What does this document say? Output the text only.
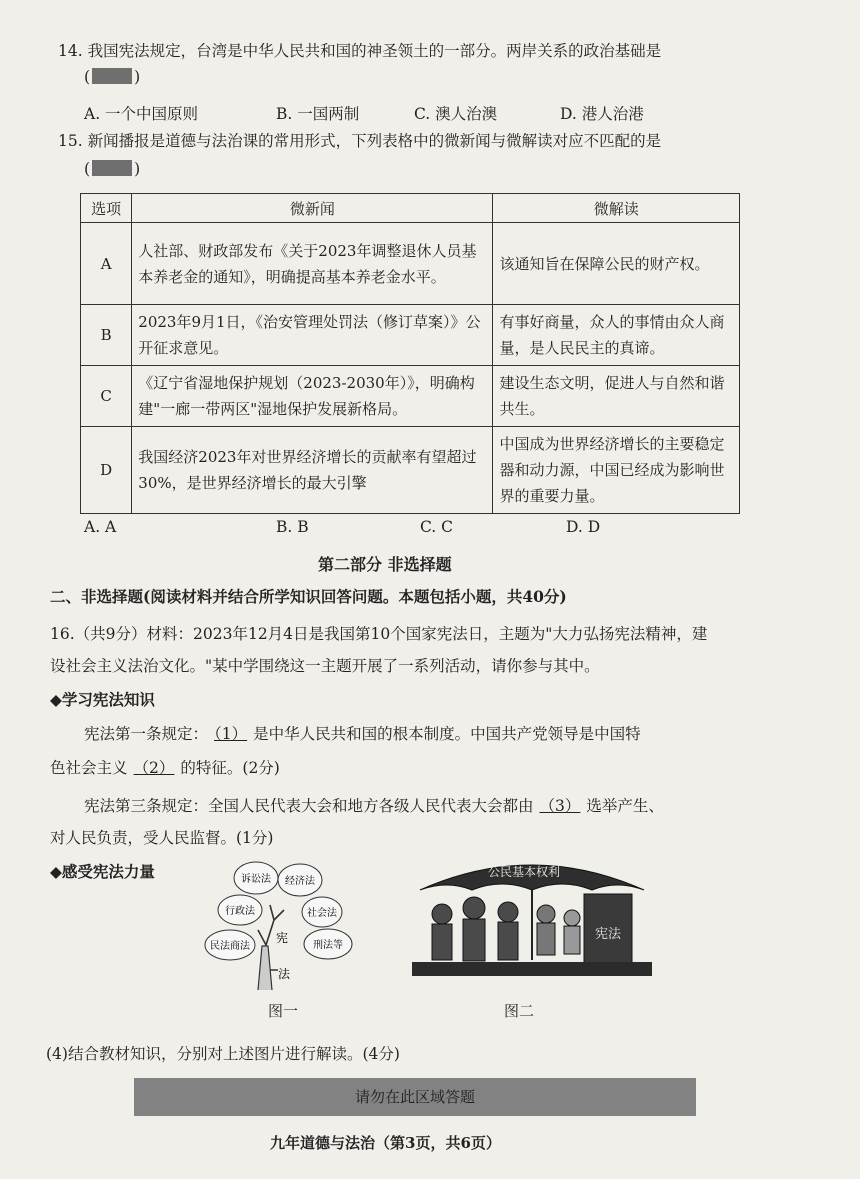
14. 我国宪法规定，台湾是中华人民共和国的神圣领土的一部分。两岸关系的政治基础是
(	)
A. 一个中国原则	B. 一国两制	C. 澳人治澳	D. 港人治港
15. 新闻播报是道德与法治课的常用形式，下列表格中的微新闻与微解读对应不匹配的是
(	)
选项	微新闻	微解读
A	人社部、财政部发布《关于2023年调整退休人员基本养老金的通知》，明确提高基本养老金水平。	该通知旨在保障公民的财产权。
B	2023年9月1日，《治安管理处罚法（修订草案）》公开征求意见。	有事好商量，众人的事情由众人商量，是人民民主的真谛。
C	《辽宁省湿地保护规划（2023-2030年）》，明确构建"一廊一带两区"湿地保护发展新格局。	建设生态文明，促进人与自然和谐共生。
D	我国经济2023年对世界经济增长的贡献率有望超过30%，是世界经济增长的最大引擎	中国成为世界经济增长的主要稳定器和动力源，中国已经成为影响世界的重要力量。
A. A	B. B	C. C	D. D
第二部分 非选择题
二、非选择题(阅读材料并结合所学知识回答问题。本题包括小题，共40分)
16.（共9分）材料：2023年12月4日是我国第10个国家宪法日，主题为"大力弘扬宪法精神，建
设社会主义法治文化。"某中学围绕这一主题开展了一系列活动，请你参与其中。
◆学习宪法知识
宪法第一条规定： （1） 是中华人民共和国的根本制度。中国共产党领导是中国特
色社会主义 （2） 的特征。(2分)
宪法第三条规定：全国人民代表大会和地方各级人民代表大会都由 （3） 选举产生、
对人民负责，受人民监督。(1分)
◆感受宪法力量	诉讼法 经济法
行政法	社会法
民法商法	刑法等
宪
法
公民基本权利
宪法
图一	图二
(4)结合教材知识，分别对上述图片进行解读。(4分)
请勿在此区域答题
九年道德与法治（第3页，共6页）
